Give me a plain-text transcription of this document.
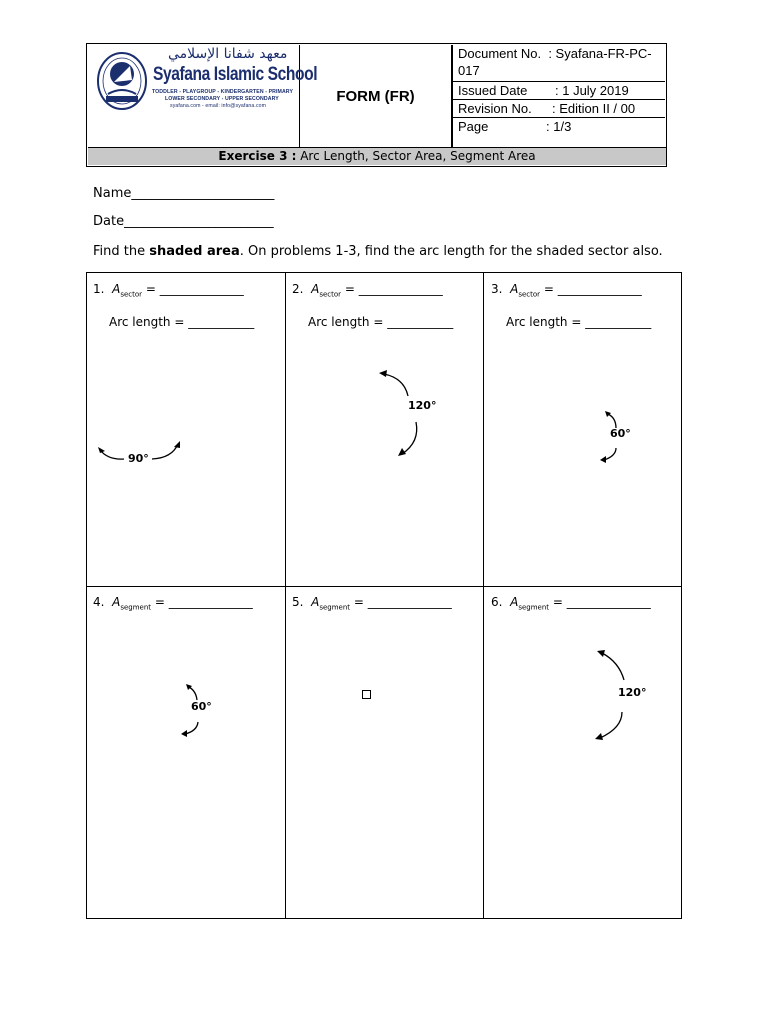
معهد شفانا الإسلامي
Syafana Islamic School
TODDLER - PLAYGROUP - KINDERGARTEN - PRIMARY
LOWER SECONDARY - UPPER SECONDARY
syafana.com - email: info@syafana.com
FORM (FR)
Document No. : Syafana-FR-PC-017
Issued Date : 1 July 2019
Revision No. : Edition II / 00
Page	: 1/3
Exercise 3 : Arc Length, Sector Area, Segment Area
Name______________________
Date_______________________
Find the shaded area. On problems 1-3, find the arc length for the shaded sector also.
1. $A_{sector}$ = ______________
Arc length = ___________
90°
2. $A_{sector}$ = ______________
Arc length = ___________
120°
3. $A_{sector}$ = ______________
Arc length = ___________
60°
4. $A_{segment}$ = ______________
60°
5. $A_{segment}$ = ______________	6. $A_{segment}$ = ______________
120°
